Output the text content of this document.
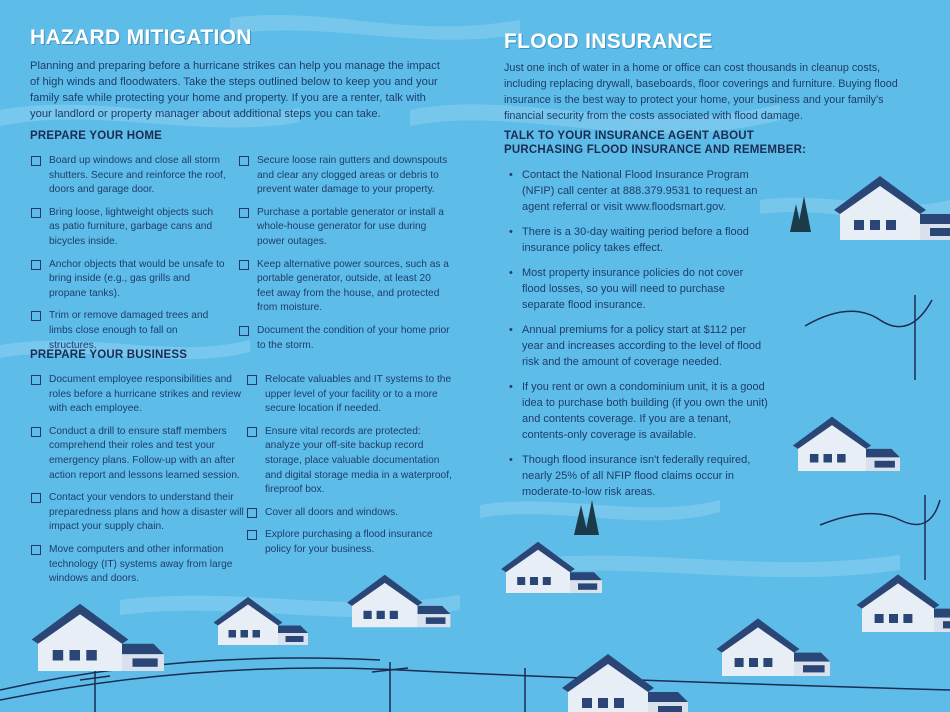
HAZARD MITIGATION

Planning and preparing before a hurricane strikes can help you manage the impact of high winds and floodwaters. Take the steps outlined below to keep you and your family safe while protecting your home and property. If you are a renter, talk with your landlord or property manager about additional steps you can take.

PREPARE YOUR HOME
Board up windows and close all storm shutters. Secure and reinforce the roof, doors and garage door.
Bring loose, lightweight objects such as patio furniture, garbage cans and bicycles inside.
Anchor objects that would be unsafe to bring inside (e.g., gas grills and propane tanks).
Trim or remove damaged trees and limbs close enough to fall on structures.
Secure loose rain gutters and downspouts and clear any clogged areas or debris to prevent water damage to your property.
Purchase a portable generator or install a whole-house generator for use during power outages.
Keep alternative power sources, such as a portable generator, outside, at least 20 feet away from the house, and protected from moisture.
Document the condition of your home prior to the storm.
PREPARE YOUR BUSINESS
Document employee responsibilities and roles before a hurricane strikes and review with each employee.
Conduct a drill to ensure staff members comprehend their roles and test your emergency plans. Follow-up with an after action report and lessons learned session.
Contact your vendors to understand their preparedness plans and how a disaster will impact your supply chain.
Move computers and other information technology (IT) systems away from large windows and doors.
Relocate valuables and IT systems to the upper level of your facility or to a more secure location if needed.
Ensure vital records are protected: analyze your off-site backup record storage, place valuable documentation and digital storage media in a waterproof, fireproof box.
Cover all doors and windows.
Explore purchasing a flood insurance policy for your business.
FLOOD INSURANCE

Just one inch of water in a home or office can cost thousands in cleanup costs, including replacing drywall, baseboards, floor coverings and furniture. Buying flood insurance is the best way to protect your home, your business and your family's financial security from the costs associated with flood damage.

TALK TO YOUR INSURANCE AGENT ABOUT PURCHASING FLOOD INSURANCE AND REMEMBER:
• Contact the National Flood Insurance Program (NFIP) call center at 888.379.9531 to request an agent referral or visit www.floodsmart.gov.
• There is a 30-day waiting period before a flood insurance policy takes effect.
• Most property insurance policies do not cover flood losses, so you will need to purchase separate flood insurance.
• Annual premiums for a policy start at $112 per year and increases according to the level of flood risk and the amount of coverage needed.
• If you rent or own a condominium unit, it is a good idea to purchase both building (if you own the unit) and contents coverage. If you are a tenant, contents-only coverage is available.
• Though flood insurance isn't federally required, nearly 25% of all NFIP flood claims occur in moderate-to-low risk areas.
